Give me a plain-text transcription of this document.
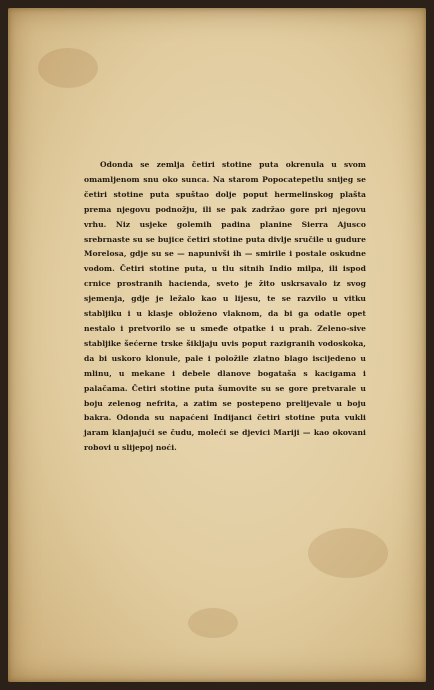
Odonda se zemlja četiri stotine puta okrenula u svom omamljenom snu oko sunca. Na starom Popocatepetlu snijeg se četiri stotine puta spuštao dolje poput hermelinskog plašta prema njegovu podnožju, ili se pak zadržao gore pri njegovu vrhu. Niz usjeke golemih padina planine Sierra Ajusco srebrnaste su se bujice četiri stotine puta divlje sručile u gudure Morelosa, gdje su se — napunivši ih — smirile i postale oskudne vodom. Četiri stotine puta, u tlu sitnih Indio milpa, ili ispod crnice prostranih hacienda, sveto je žito uskrsavalo iz svog sjemenja, gdje je ležalo kao u lijesu, te se razvilo u vitku stabljiku i u klasje obloženo vlaknom, da bi ga odatle opet nestalo i pretvorilo se u smeđe otpatke i u prah. Zeleno-sive stabljike šećerne trske šikljaju uvis poput razigranih vodoskoka, da bi uskoro klonule, pale i položile zlatno blago isciјedeno u mlinu, u mekane i debele dlanove bogataša s kacigama i palačama. Četiri stotine puta šumovite su se gore pretvarale u boju zelenog nefrita, a zatim se postepeno prelijevale u boju bakra. Odonda su napaćeni Indijanci četiri stotine puta vukli jaram klanjajući se čudu, moleći se djevici Mariji — kao okovani robovi u slijepoj noći.
